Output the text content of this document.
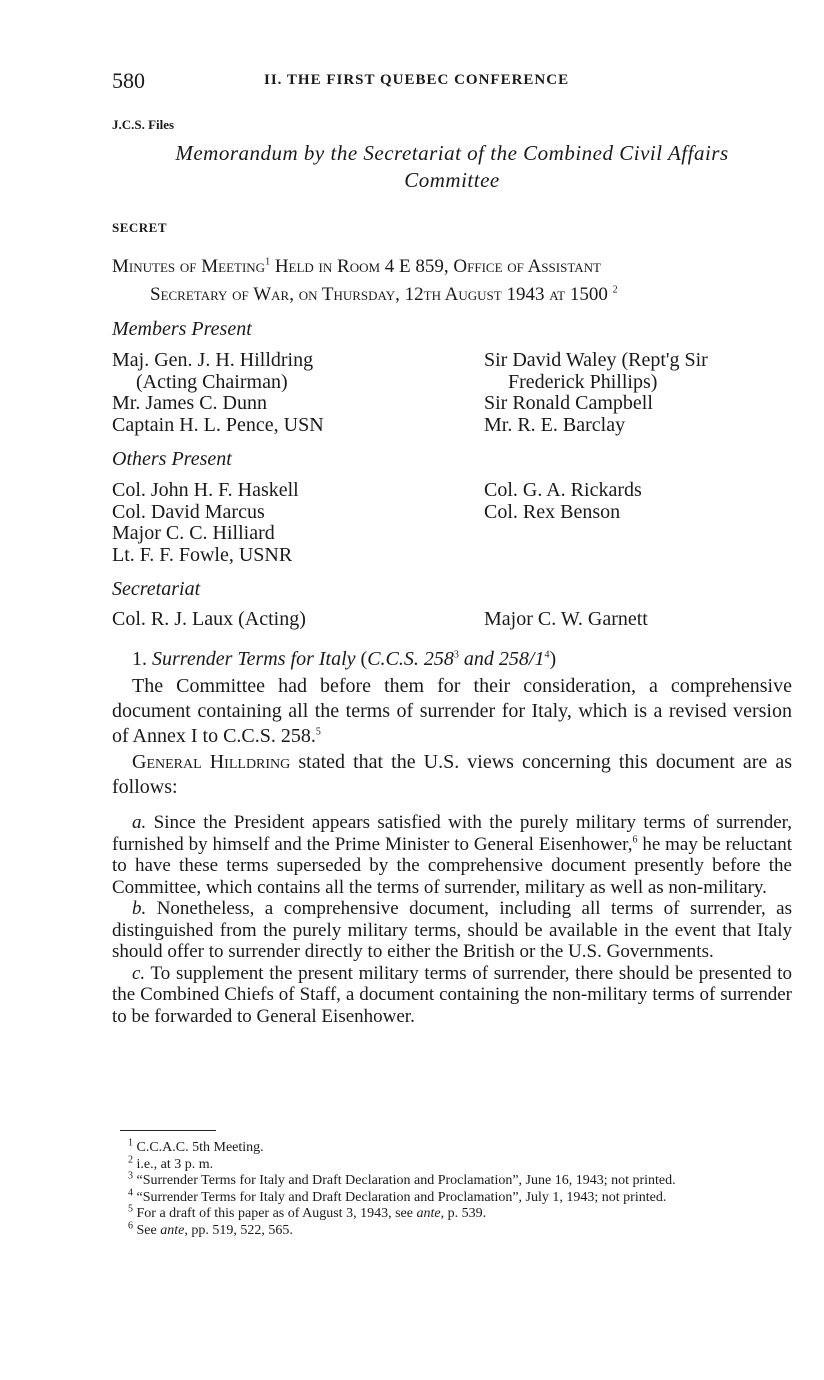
580	II. THE FIRST QUEBEC CONFERENCE
J.C.S. Files
Memorandum by the Secretariat of the Combined Civil Affairs
Committee
SECRET
Minutes of Meeting$^1$ Held in Room 4 E 859, Office of Assistant
Secretary of War, on Thursday, 12th August 1943 at 1500 $^2$
Members Present
Maj. Gen. J. H. Hilldring
(Acting Chairman)
Mr. James C. Dunn
Captain H. L. Pence, USN
Sir David Waley (Rept'g Sir
Frederick Phillips)
Sir Ronald Campbell
Mr. R. E. Barclay
Others Present
Col. John H. F. Haskell
Col. David Marcus
Major C. C. Hilliard
Lt. F. F. Fowle, USNR
Col. G. A. Rickards
Col. Rex Benson
Secretariat
Col. R. J. Laux (Acting)	Major C. W. Garnett
1. Surrender Terms for Italy (C.C.S. $258^3$ and $258/1^4$)

The Committee had before them for their consideration, a comprehensive document containing all the terms of surrender for Italy, which is a revised version of Annex I to C.C.S. 258.$^5$

General Hilldring stated that the U.S. views concerning this document are as follows:

a. Since the President appears satisfied with the purely military terms of surrender, furnished by himself and the Prime Minister to General Eisenhower,$^6$ he may be reluctant to have these terms superseded by the comprehensive document presently before the Committee, which contains all the terms of surrender, military as well as non-military.

b. Nonetheless, a comprehensive document, including all terms of surrender, as distinguished from the purely military terms, should be available in the event that Italy should offer to surrender directly to either the British or the U.S. Governments.

c. To supplement the present military terms of surrender, there should be presented to the Combined Chiefs of Staff, a document containing the non-military terms of surrender to be forwarded to General Eisenhower.

$^1$ C.C.A.C. 5th Meeting.

$^2$ i.e., at 3 p. m.

$^3$ “Surrender Terms for Italy and Draft Declaration and Proclamation”, June 16, 1943; not printed.

$^4$ “Surrender Terms for Italy and Draft Declaration and Proclamation”, July 1, 1943; not printed.

$^5$ For a draft of this paper as of August 3, 1943, see ante, p. 539.

$^6$ See ante, pp. 519, 522, 565.
